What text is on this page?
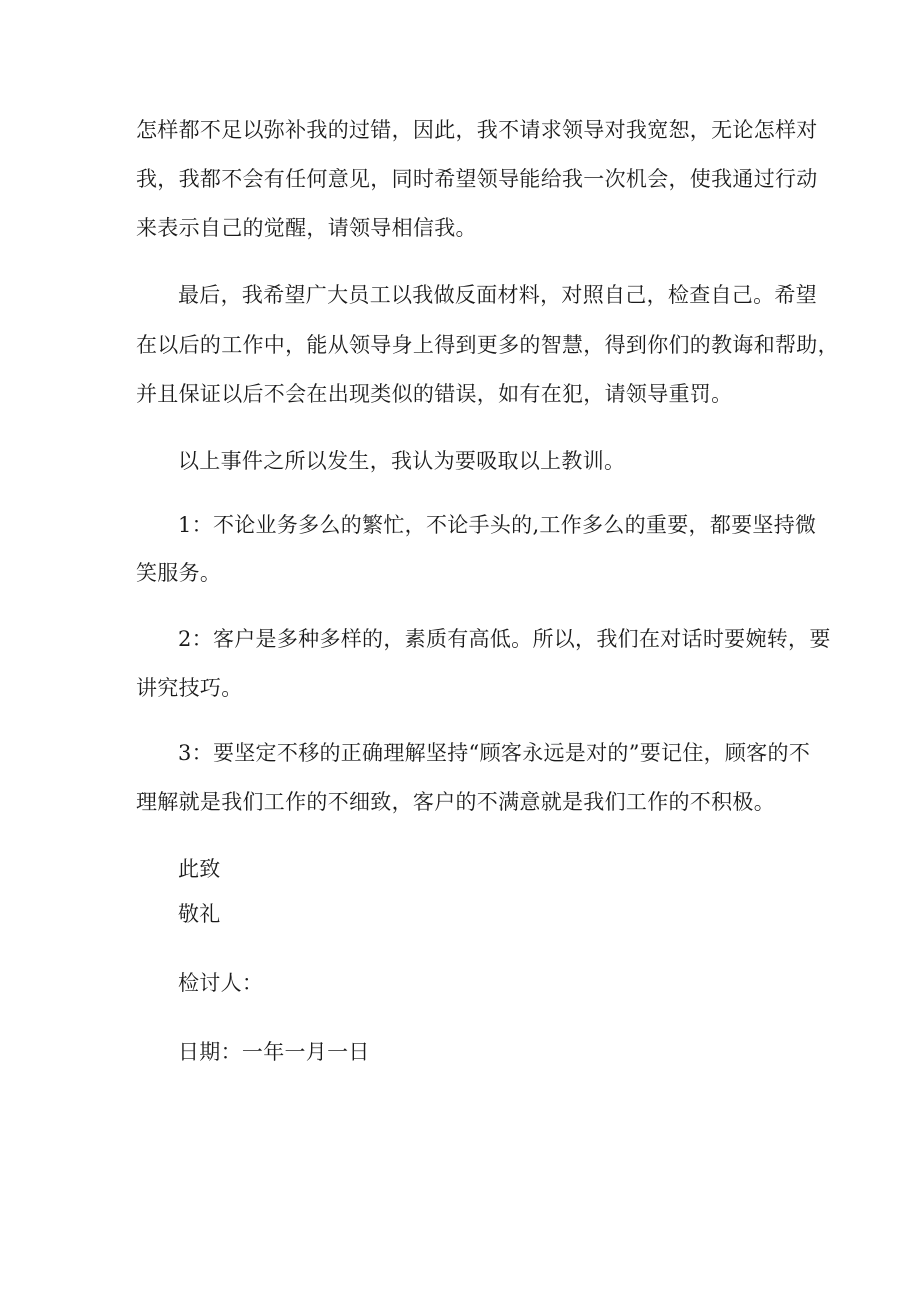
怎样都不足以弥补我的过错，因此，我不请求领导对我宽恕，无论怎样对

我，我都不会有任何意见，同时希望领导能给我一次机会，使我通过行动

来表示自己的觉醒，请领导相信我。

最后，我希望广大员工以我做反面材料，对照自己，检查自己。希望

在以后的工作中，能从领导身上得到更多的智慧，得到你们的教诲和帮助，

并且保证以后不会在出现类似的错误，如有在犯，请领导重罚。

以上事件之所以发生，我认为要吸取以上教训。

1：不论业务多么的繁忙，不论手头的,工作多么的重要，都要坚持微

笑服务。

2：客户是多种多样的，素质有高低。所以，我们在对话时要婉转，要

讲究技巧。

3：要坚定不移的正确理解坚持“顾客永远是对的”要记住，顾客的不

理解就是我们工作的不细致，客户的不满意就是我们工作的不积极。

此致

敬礼

检讨人：

日期：一年一月一日
